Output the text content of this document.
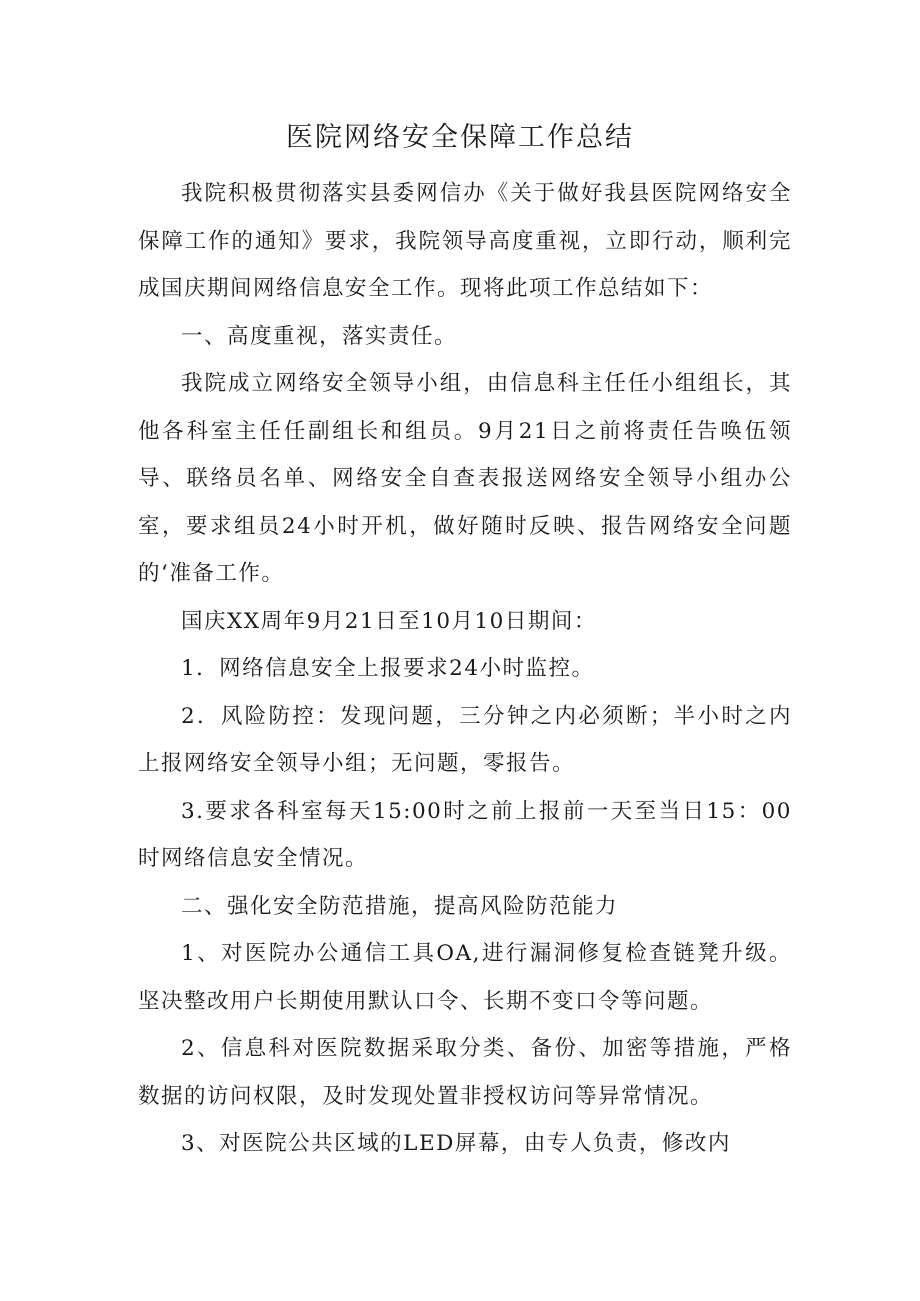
医院网络安全保障工作总结

我院积极贯彻落实县委网信办《关于做好我县医院网络安全保障工作的通知》要求，我院领导高度重视，立即行动，顺利完成国庆期间网络信息安全工作。现将此项工作总结如下：

一、高度重视，落实责任。

我院成立网络安全领导小组，由信息科主任任小组组长，其他各科室主任任副组长和组员。9月21日之前将责任告唤伍领导、联络员名单、网络安全自查表报送网络安全领导小组办公室，要求组员24小时开机，做好随时反映、报告网络安全问题的‘准备工作。

国庆XX周年9月21日至10月10日期间：

1．网络信息安全上报要求24小时监控。

2．风险防控：发现问题，三分钟之内必须断；半小时之内上报网络安全领导小组；无问题，零报告。

3.要求各科室每天15:00时之前上报前一天至当日15：00时网络信息安全情况。

二、强化安全防范措施，提高风险防范能力

1、对医院办公通信工具OA,进行漏洞修复检查链凳升级。坚决整改用户长期使用默认口令、长期不变口令等问题。

2、信息科对医院数据采取分类、备份、加密等措施，严格数据的访问权限，及时发现处置非授权访问等异常情况。

3、对医院公共区域的LED屏幕，由专人负责，修改内
